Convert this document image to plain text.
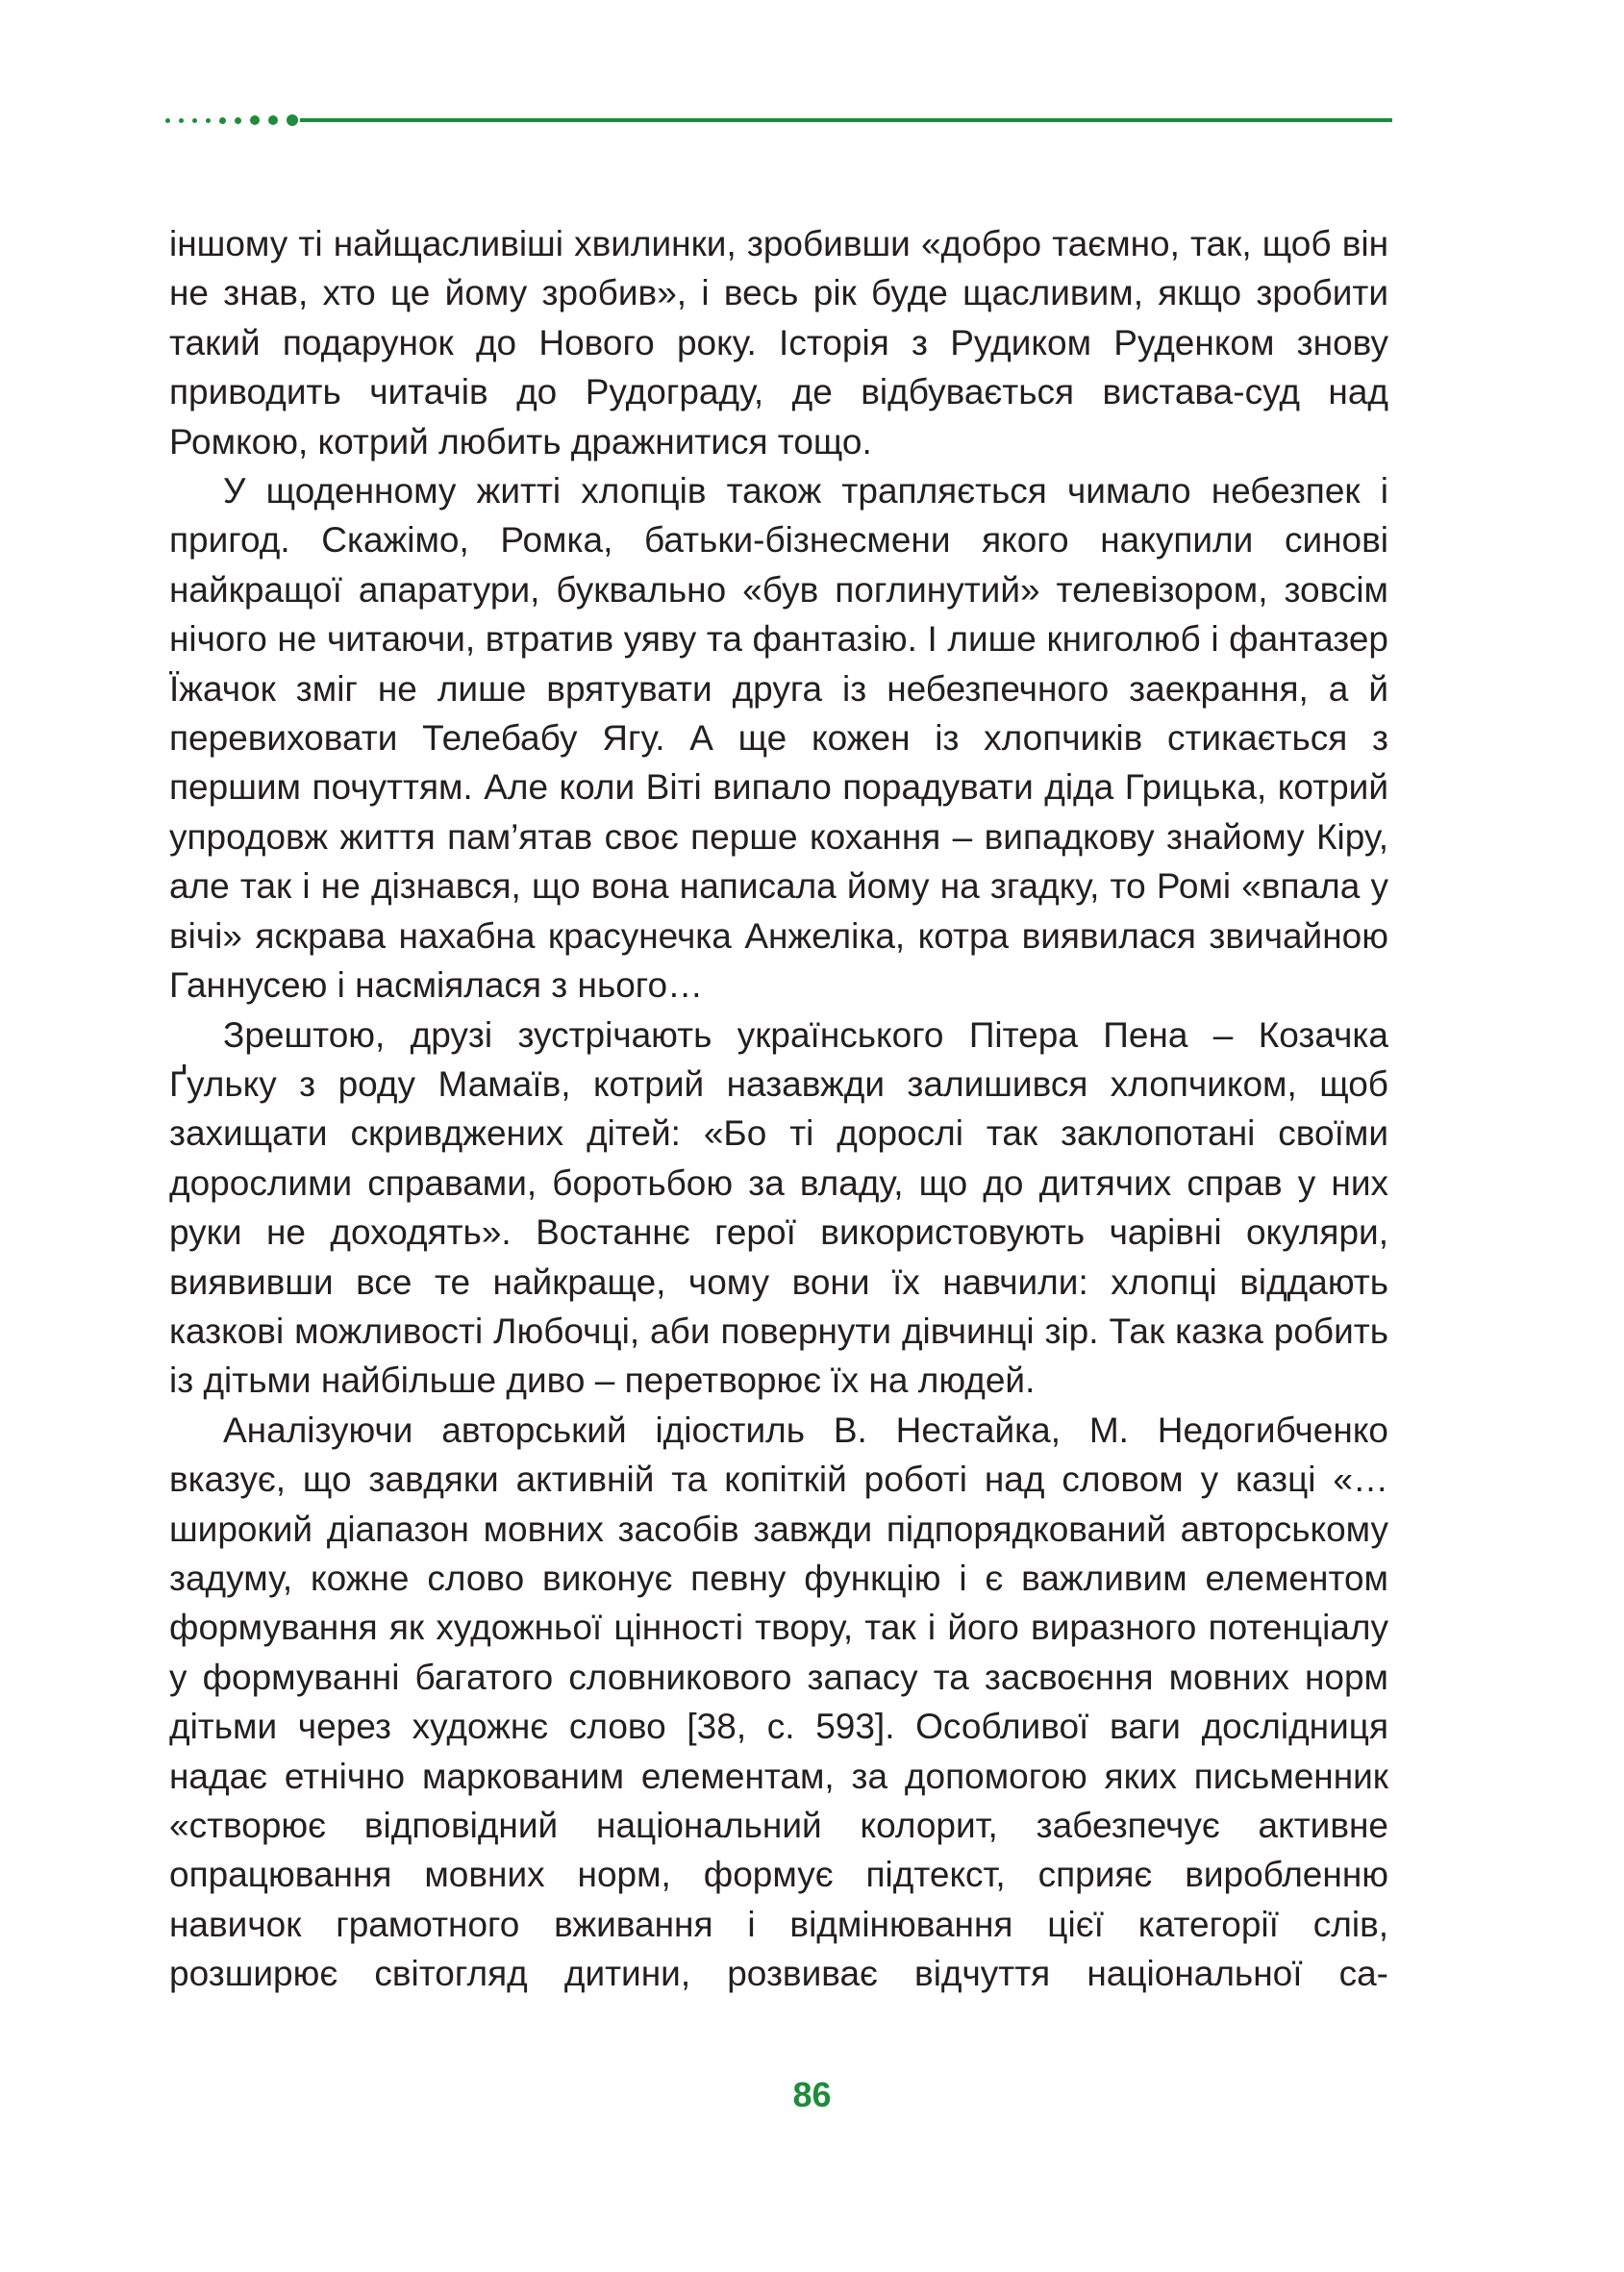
іншому ті найщасливіші хвилинки, зробивши «добро таємно, так, щоб він не знав, хто це йому зробив», і весь рік буде щасливим, якщо зробити такий подарунок до Нового року. Історія з Рудиком Руденком знову приводить читачів до Рудограду, де відбувається вистава-суд над Ромкою, котрий любить дражнитися тощо.

У щоденному житті хлопців також трапляється чимало небезпек і пригод. Скажімо, Ромка, батьки-бізнесмени якого накупили синові найкращої апаратури, буквально «був поглинутий» телевізором, зовсім нічого не читаючи, втратив уяву та фантазію. І лише книголюб і фантазер Їжачок зміг не лише врятувати друга із небезпечного заекрання, а й перевиховати Телебабу Ягу. А ще кожен із хлопчиків стикається з першим почуттям. Але коли Віті випало порадувати діда Грицька, котрий упродовж життя пам’ятав своє перше кохання – випадкову знайому Кіру, але так і не дізнався, що вона написала йому на згадку, то Ромі «впала у вічі» яскрава нахабна красунечка Анжеліка, котра виявилася звичайною Ганнусею і насміялася з нього…

Зрештою, друзі зустрічають українського Пітера Пена – Козачка Ґульку з роду Мамаїв, котрий назавжди залишився хлопчиком, щоб захищати скривджених дітей: «Бо ті дорослі так заклопотані своїми дорослими справами, боротьбою за владу, що до дитячих справ у них руки не доходять». Востаннє герої використовують чарівні окуляри, виявивши все те найкраще, чому вони їх навчили: хлопці віддають казкові можливості Любочці, аби повернути дівчинці зір. Так казка робить із дітьми найбільше диво – перетворює їх на людей.

Аналізуючи авторський ідіостиль В. Нестайка, М. Недогибченко вказує, що завдяки активній та копіткій роботі над словом у казці «…широкий діапазон мовних засобів завжди підпорядкований авторському задуму, кожне слово виконує певну функцію і є важливим елементом формування як художньої цінності твору, так і його виразного потенціалу у формуванні багатого словникового запасу та засвоєння мовних норм дітьми через художнє слово [38, с. 593]. Особливої ваги дослідниця надає етнічно маркованим елементам, за допомогою яких письменник «створює відповідний національний колорит, забезпечує активне опрацювання мовних норм, формує підтекст, сприяє виробленню навичок грамотного вживання і відмінювання цієї категорії слів, розширює світогляд дитини, розвиває відчуття національної са-

86
